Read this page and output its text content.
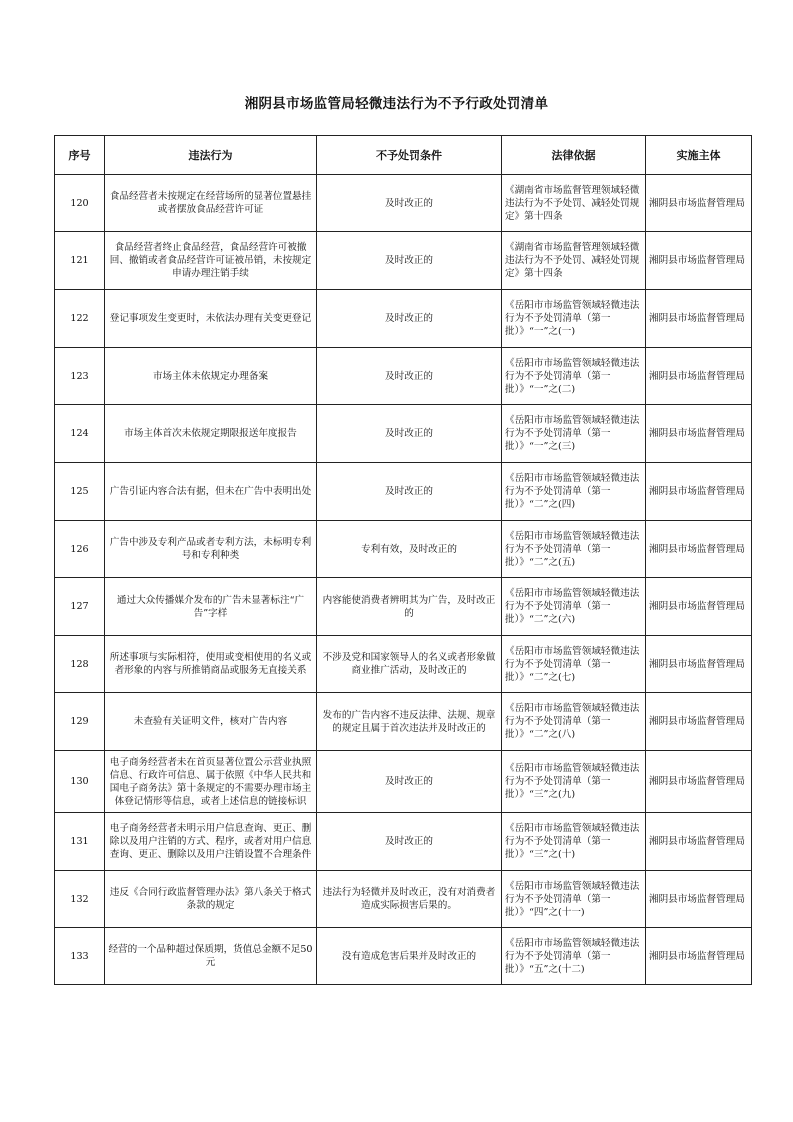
湘阴县市场监管局轻微违法行为不予行政处罚清单
序号	违法行为	不予处罚条件	法律依据	实施主体
120	食品经营者未按规定在经营场所的显著位置悬挂或者摆放食品经营许可证	及时改正的	《湖南省市场监督管理领域轻微违法行为不予处罚、减轻处罚规定》第十四条	湘阴县市场监督管理局
121	食品经营者终止食品经营，食品经营许可被撤回、撤销或者食品经营许可证被吊销，未按规定申请办理注销手续	及时改正的	《湖南省市场监督管理领域轻微违法行为不予处罚、减轻处罚规定》第十四条	湘阴县市场监督管理局
122	登记事项发生变更时，未依法办理有关变更登记	及时改正的	《岳阳市市场监管领域轻微违法行为不予处罚清单（第一批）》“一”之(一)	湘阴县市场监督管理局
123	市场主体未依规定办理备案	及时改正的	《岳阳市市场监管领域轻微违法行为不予处罚清单（第一批）》“一”之(二)	湘阴县市场监督管理局
124	市场主体首次未依规定期限报送年度报告	及时改正的	《岳阳市市场监管领域轻微违法行为不予处罚清单（第一批）》“一”之(三)	湘阴县市场监督管理局
125	广告引证内容合法有据，但未在广告中表明出处	及时改正的	《岳阳市市场监管领域轻微违法行为不予处罚清单（第一批）》“二”之(四)	湘阴县市场监督管理局
126	广告中涉及专利产品或者专利方法，未标明专利号和专利种类	专利有效，及时改正的	《岳阳市市场监管领域轻微违法行为不予处罚清单（第一批）》“二”之(五)	湘阴县市场监督管理局
127	通过大众传播媒介发布的广告未显著标注“广告”字样	内容能使消费者辨明其为广告，及时改正的	《岳阳市市场监管领域轻微违法行为不予处罚清单（第一批）》“二”之(六)	湘阴县市场监督管理局
128	所述事项与实际相符，使用或变相使用的名义或者形象的内容与所推销商品或服务无直接关系	不涉及党和国家领导人的名义或者形象做商业推广活动，及时改正的	《岳阳市市场监管领域轻微违法行为不予处罚清单（第一批）》“二”之(七)	湘阴县市场监督管理局
129	未查验有关证明文件，核对广告内容	发布的广告内容不违反法律、法规、规章的规定且属于首次违法并及时改正的	《岳阳市市场监管领域轻微违法行为不予处罚清单（第一批）》“二”之(八)	湘阴县市场监督管理局
130	电子商务经营者未在首页显著位置公示营业执照信息、行政许可信息、属于依照《中华人民共和国电子商务法》第十条规定的不需要办理市场主体登记情形等信息，或者上述信息的链接标识	及时改正的	《岳阳市市场监管领域轻微违法行为不予处罚清单（第一批）》“三”之(九)	湘阴县市场监督管理局
131	电子商务经营者未明示用户信息查询、更正、删除以及用户注销的方式、程序，或者对用户信息查询、更正、删除以及用户注销设置不合理条件	及时改正的	《岳阳市市场监管领域轻微违法行为不予处罚清单（第一批）》“三”之(十)	湘阴县市场监督管理局
132	违反《合同行政监督管理办法》第八条关于格式条款的规定	违法行为轻微并及时改正，没有对消费者造成实际损害后果的。	《岳阳市市场监管领域轻微违法行为不予处罚清单（第一批）》“四”之(十一)	湘阴县市场监督管理局
133	经营的一个品种超过保质期，货值总金额不足50元	没有造成危害后果并及时改正的	《岳阳市市场监管领域轻微违法行为不予处罚清单（第一批）》“五”之(十二)	湘阴县市场监督管理局
